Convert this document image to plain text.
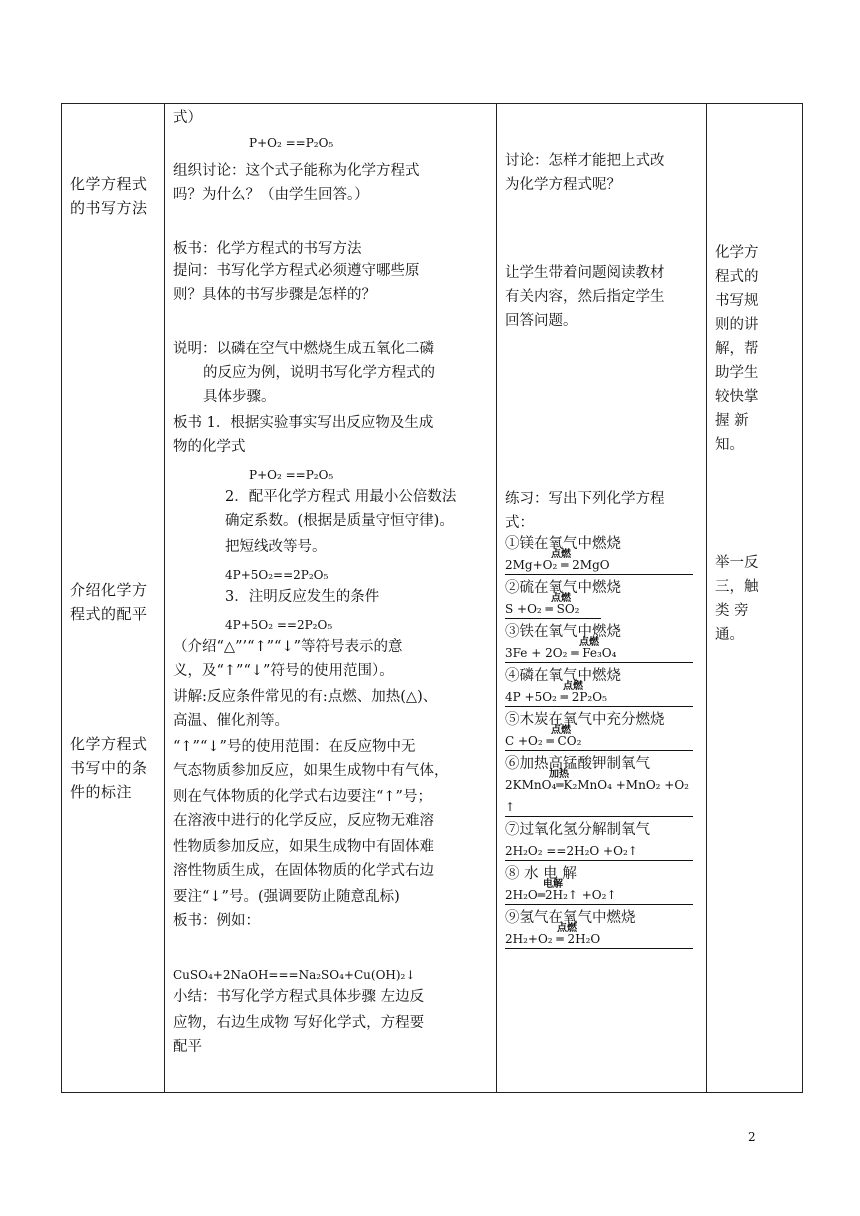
化学方程式
的书写方法
介绍化学方
程式的配平
化学方程式
书写中的条
件的标注

式）
P+O₂ ==P₂O₅
组织讨论：这个式子能称为化学方程式
吗？为什么？（由学生回答。）
板书：化学方程式的书写方法
提问：书写化学方程式必须遵守哪些原
则？具体的书写步骤是怎样的？
说明：以磷在空气中燃烧生成五氧化二磷
的反应为例，说明书写化学方程式的
具体步骤。
板书 1．根据实验事实写出反应物及生成
物的化学式
P+O₂ ==P₂O₅
2．配平化学方程式 用最小公倍数法
确定系数。(根据是质量守恒守律)。
把短线改等号。
4P+5O₂==2P₂O₅
3．注明反应发生的条件
4P+5O₂ ==2P₂O₅
（介绍“△”’“↑”“↓”等符号表示的意
义，及“↑”“↓”符号的使用范围）。
讲解:反应条件常见的有:点燃、加热(△)、
高温、催化剂等。
“↑”“↓”号的使用范围：在反应物中无
气态物质参加反应，如果生成物中有气体，
则在气体物质的化学式右边要注“↑”号；
在溶液中进行的化学反应，反应物无难溶
性物质参加反应，如果生成物中有固体难
溶性物质生成，在固体物质的化学式右边
要注“↓”号。(强调要防止随意乱标)
板书：例如：
CuSO₄+2NaOH===Na₂SO₄+Cu(OH)₂↓
小结：书写化学方程式具体步骤 左边反
应物，右边生成物 写好化学式，方程要
配平

讨论：怎样才能把上式改
为化学方程式呢？
让学生带着问题阅读教材
有关内容，然后指定学生
回答问题。
练习：写出下列化学方程
式：
①镁在氧气中燃烧
2Mg+O₂ ═ 2MgO
点燃
②硫在氧气中燃烧
S +O₂ ═ SO₂
点燃
③铁在氧气中燃烧
3Fe + 2O₂ ═ Fe₃O₄
点燃
④磷在氧气中燃烧
4P +5O₂ ═ 2P₂O₅
点燃
⑤木炭在氧气中充分燃烧
C +O₂ ═ CO₂
点燃
⑥加热高锰酸钾制氧气
2KMnO₄═K₂MnO₄ +MnO₂ +O₂
加热
↑
⑦过氧化氢分解制氧气
2H₂O₂ ==2H₂O +O₂↑
⑧ 水 电 解
2H₂O═2H₂↑ +O₂↑
电解
⑨氢气在氧气中燃烧
2H₂+O₂ ═ 2H₂O
点燃

化学方
程式的
书写规
则的讲
解，帮
助学生
较快掌
握 新
知。
举一反
三，触
类 旁
通。
2
